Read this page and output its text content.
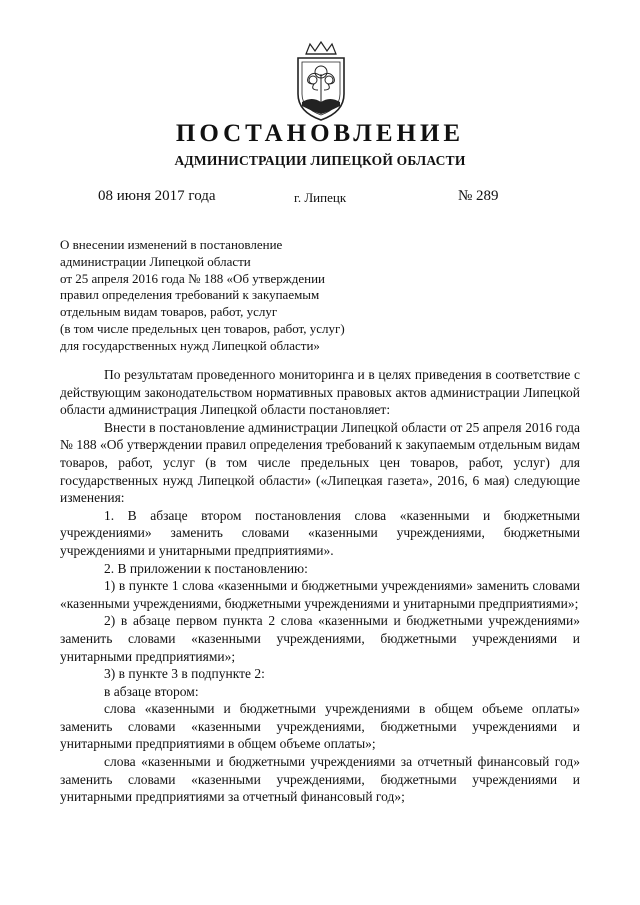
ПОСТАНОВЛЕНИЕ
АДМИНИСТРАЦИИ ЛИПЕЦКОЙ ОБЛАСТИ
08 июня 2017 года	г. Липецк	№ 289
О внесении изменений в постановление
администрации Липецкой области
от 25 апреля 2016 года № 188 «Об утверждении
правил определения требований к закупаемым
отдельным видам товаров, работ, услуг
(в том числе предельных цен товаров, работ, услуг)
для государственных нужд Липецкой области»

По результатам проведенного мониторинга и в целях приведения в соответствие с действующим законодательством нормативных правовых актов администрации Липецкой области администрация Липецкой области постановляет:

Внести в постановление администрации Липецкой области от 25 апреля 2016 года № 188 «Об утверждении правил определения требований к закупаемым отдельным видам товаров, работ, услуг (в том числе предельных цен товаров, работ, услуг) для государственных нужд Липецкой области» («Липецкая газета», 2016, 6 мая) следующие изменения:

1. В абзаце втором постановления слова «казенными и бюджетными учреждениями» заменить словами «казенными учреждениями, бюджетными учреждениями и унитарными предприятиями».

2. В приложении к постановлению:

1) в пункте 1 слова «казенными и бюджетными учреждениями» заменить словами «казенными учреждениями, бюджетными учреждениями и унитарными предприятиями»;

2) в абзаце первом пункта 2 слова «казенными и бюджетными учреждениями» заменить словами «казенными учреждениями, бюджетными учреждениями и унитарными предприятиями»;

3) в пункте 3 в подпункте 2:

в абзаце втором:

слова «казенными и бюджетными учреждениями в общем объеме оплаты» заменить словами «казенными учреждениями, бюджетными учреждениями и унитарными предприятиями в общем объеме оплаты»;

слова «казенными и бюджетными учреждениями за отчетный финансовый год» заменить словами «казенными учреждениями, бюджетными учреждениями и унитарными предприятиями за отчетный финансовый год»;
